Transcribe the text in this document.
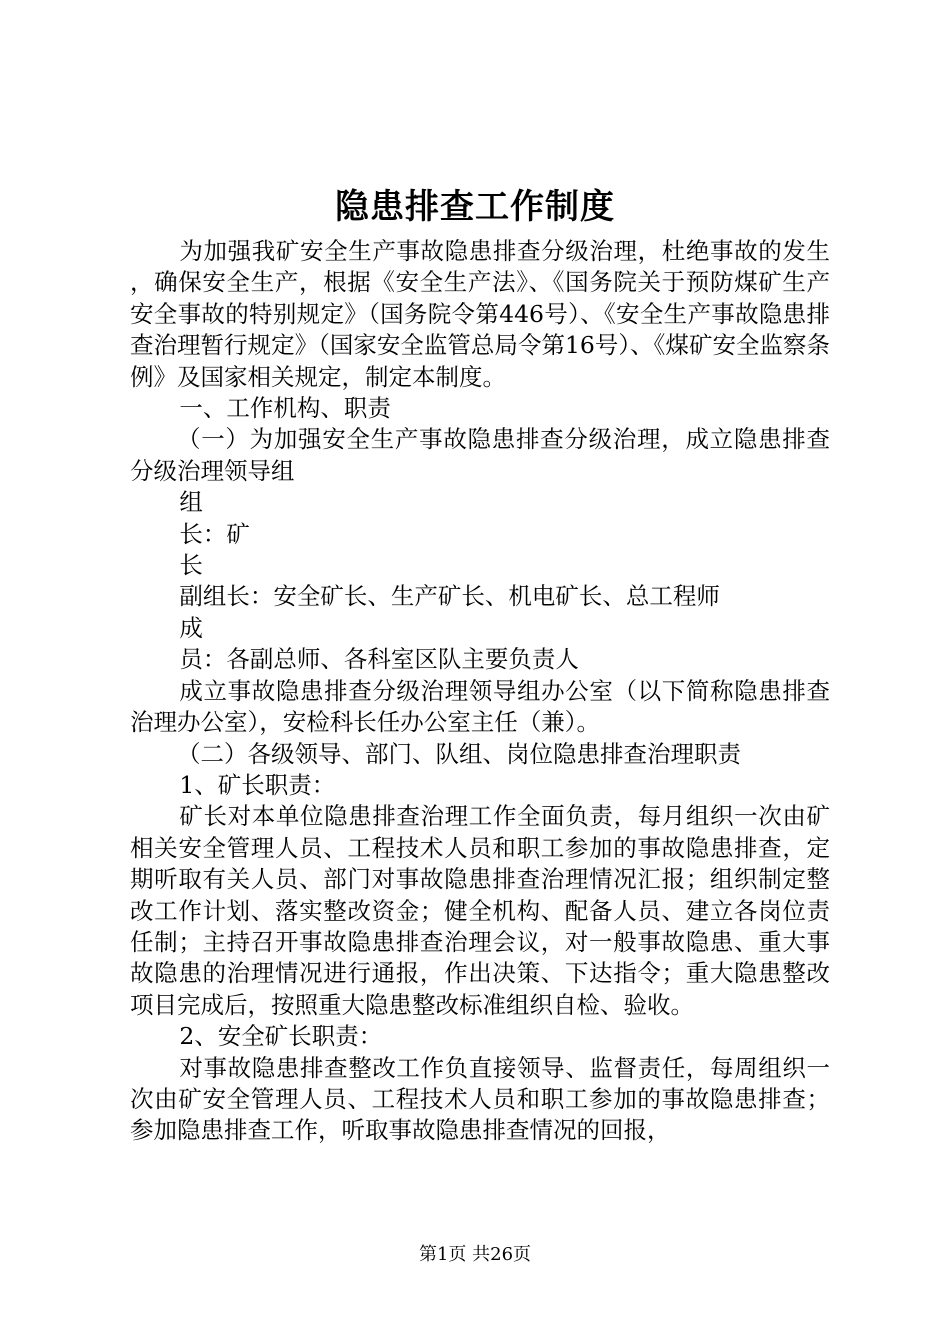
隐患排查工作制度

为加强我矿安全生产事故隐患排查分级治理，杜绝事故的发生，确保安全生产，根据《安全生产法》、《国务院关于预防煤矿生产安全事故的特别规定》（国务院令第446号）、《安全生产事故隐患排查治理暂行规定》（国家安全监管总局令第16号）、《煤矿安全监察条例》及国家相关规定，制定本制度。

一、工作机构、职责

（一）为加强安全生产事故隐患排查分级治理，成立隐患排查分级治理领导组

组

长：矿

长

副组长：安全矿长、生产矿长、机电矿长、总工程师

成

员：各副总师、各科室区队主要负责人

成立事故隐患排查分级治理领导组办公室（以下简称隐患排查治理办公室），安检科长任办公室主任（兼）。

（二）各级领导、部门、队组、岗位隐患排查治理职责

1、矿长职责：

矿长对本单位隐患排查治理工作全面负责，每月组织一次由矿相关安全管理人员、工程技术人员和职工参加的事故隐患排查，定期听取有关人员、部门对事故隐患排查治理情况汇报；组织制定整改工作计划、落实整改资金；健全机构、配备人员、建立各岗位责任制；主持召开事故隐患排查治理会议，对一般事故隐患、重大事故隐患的治理情况进行通报，作出决策、下达指令；重大隐患整改项目完成后，按照重大隐患整改标准组织自检、验收。

2、安全矿长职责：

对事故隐患排查整改工作负直接领导、监督责任，每周组织一次由矿安全管理人员、工程技术人员和职工参加的事故隐患排查；参加隐患排查工作，听取事故隐患排查情况的回报，

第1页 共26页
